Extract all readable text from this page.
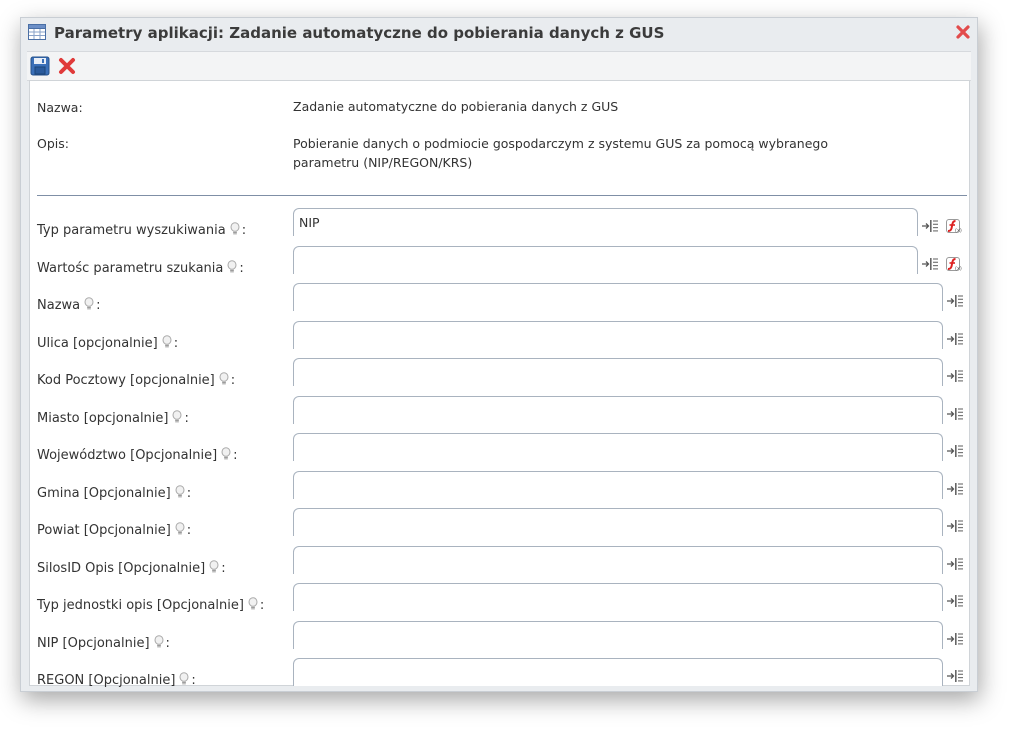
Parametry aplikacji: Zadanie automatyczne do pobierania danych z GUS
Nazwa:	Zadanie automatyczne do pobierania danych z GUS
Opis:	Pobieranie danych o podmiocie gospodarczym z systemu GUS za pomocą wybranego parametru (NIP/REGON/KRS)
Typ parametru wyszukiwania :
NIP
(x)
Wartośc parametru szukania :	(x)
Nazwa :
Ulica [opcjonalnie] :
Kod Pocztowy [opcjonalnie] :
Miasto [opcjonalnie] :
Województwo [Opcjonalnie] :
Gmina [Opcjonalnie] :
Powiat [Opcjonalnie] :
SilosID Opis [Opcjonalnie] :
Typ jednostki opis [Opcjonalnie] :
NIP [Opcjonalnie] :
REGON [Opcjonalnie] :
